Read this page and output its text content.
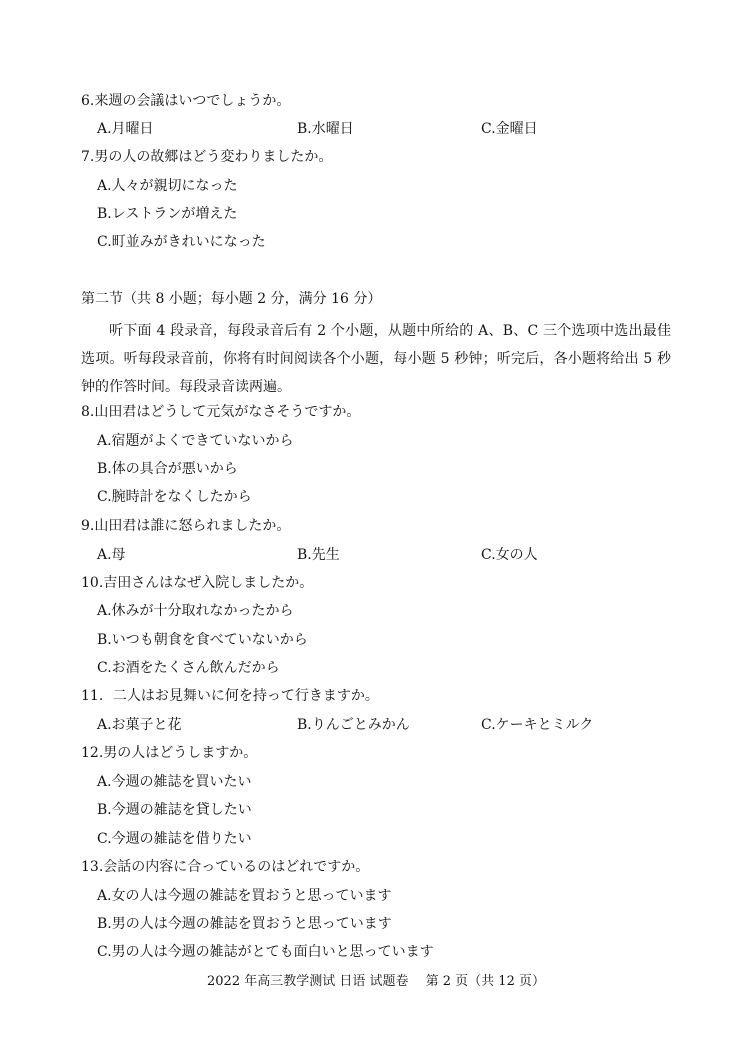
6.来週の会議はいつでしょうか。
A.月曜日	B.水曜日	C.金曜日
7.男の人の故郷はどう変わりましたか。
A.人々が親切になった
B.レストランが増えた
C.町並みがきれいになった
第二节（共 8 小题；每小题 2 分，满分 16 分）
听下面 4 段录音，每段录音后有 2 个小题，从题中所给的 A、B、C 三个选项中选出最佳选项。听每段录音前，你将有时间阅读各个小题，每小题 5 秒钟；听完后，各小题将给出 5 秒钟的作答时间。每段录音读两遍。
8.山田君はどうして元気がなさそうですか。
A.宿題がよくできていないから
B.体の具合が悪いから
C.腕時計をなくしたから
9.山田君は誰に怒られましたか。
A.母	B.先生	C.女の人
10.吉田さんはなぜ入院しましたか。
A.休みが十分取れなかったから
B.いつも朝食を食べていないから
C.お酒をたくさん飲んだから
11．二人はお見舞いに何を持って行きますか。
A.お菓子と花	B.りんごとみかん	C.ケーキとミルク
12.男の人はどうしますか。
A.今週の雑誌を買いたい
B.今週の雑誌を貸したい
C.今週の雑誌を借りたい
13.会話の内容に合っているのはどれですか。
A.女の人は今週の雑誌を買おうと思っています
B.男の人は今週の雑誌を買おうと思っています
C.男の人は今週の雑誌がとても面白いと思っています
2022 年高三教学测试 日语 试题卷　 第 2 页（共 12 页）
